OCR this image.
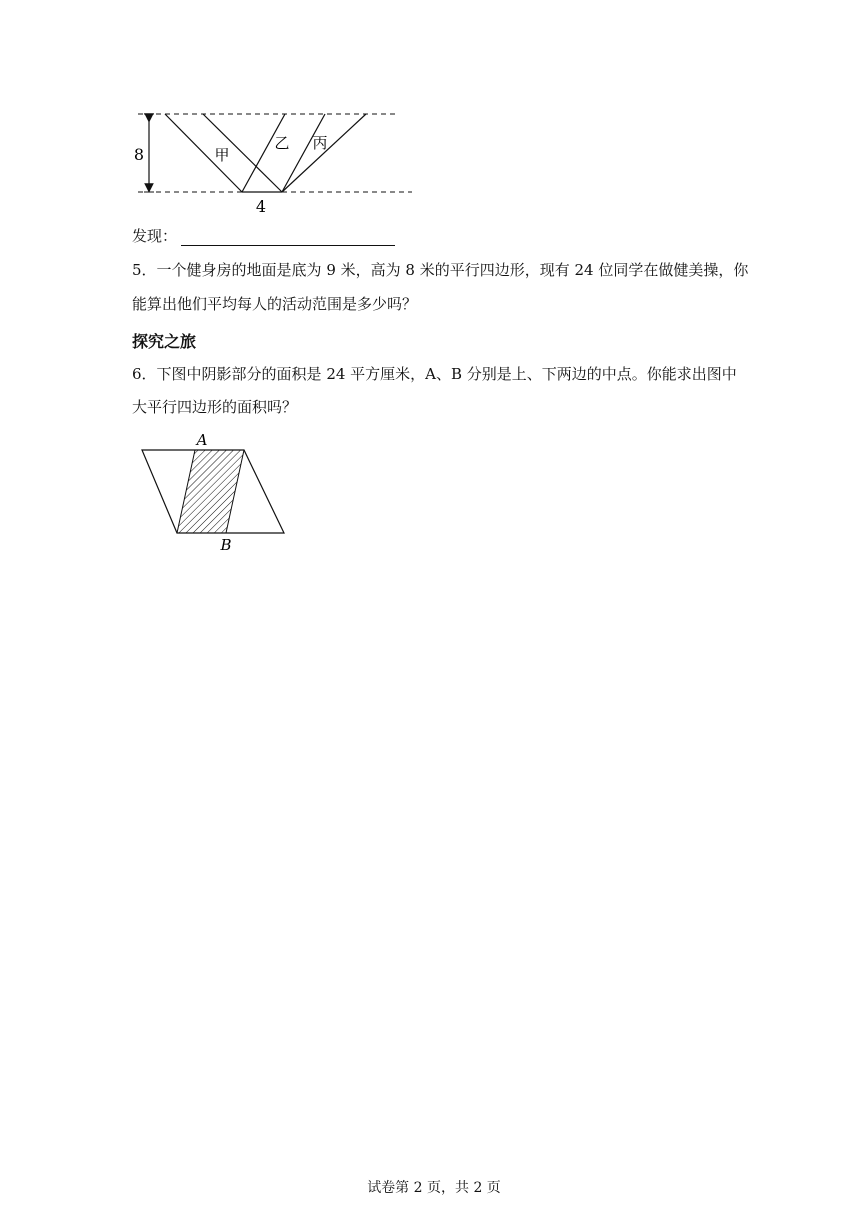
8
4
甲
乙 丙
发现：
5．一个健身房的地面是底为 9 米，高为 8 米的平行四边形，现有 24 位同学在做健美操，你
能算出他们平均每人的活动范围是多少吗？
探究之旅
6．下图中阴影部分的面积是 24 平方厘米，A、B 分别是上、下两边的中点。你能求出图中
大平行四边形的面积吗？
A
B
试卷第 2 页，共 2 页
